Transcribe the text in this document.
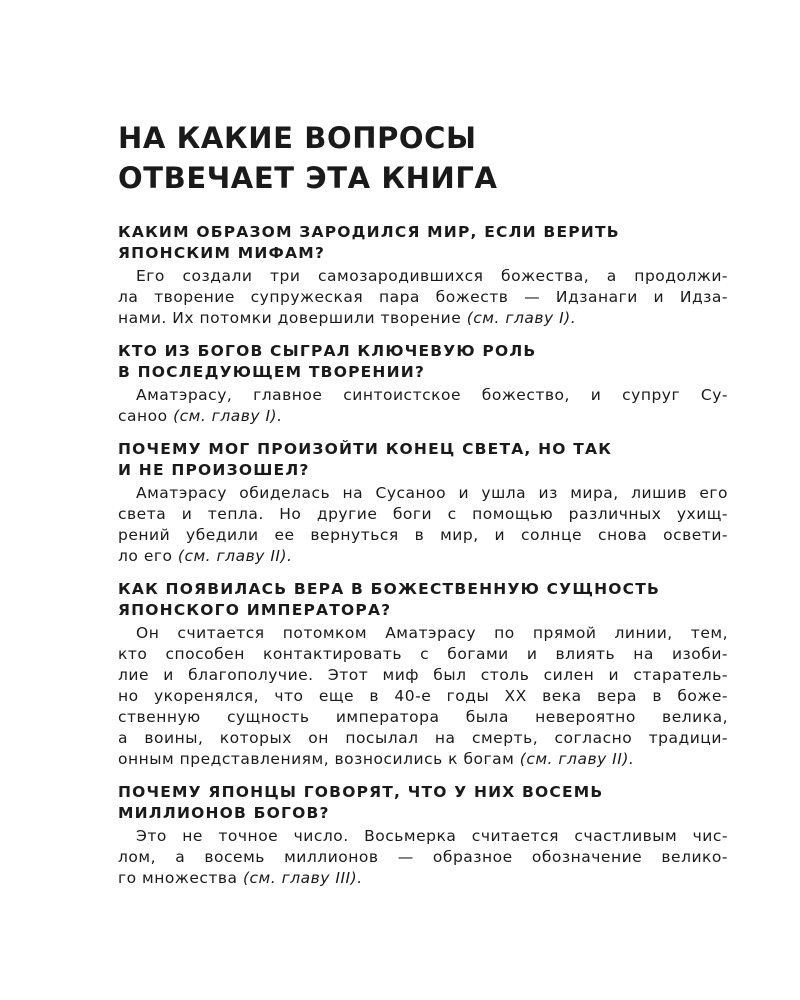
НА КАКИЕ ВОПРОСЫ
ОТВЕЧАЕТ ЭТА КНИГА
КАКИМ ОБРАЗОМ ЗАРОДИЛСЯ МИР, ЕСЛИ ВЕРИТЬ
ЯПОНСКИМ МИФАМ?
Его создали три самозародившихся божества, а продолжи-
ла творение супружеская пара божеств — Идзанаги и Идза-
нами. Их потомки довершили творение (см. главу I).
КТО ИЗ БОГОВ СЫГРАЛ КЛЮЧЕВУЮ РОЛЬ
В ПОСЛЕДУЮЩЕМ ТВОРЕНИИ?
Аматэрасу, главное синтоистское божество, и супруг Су-
саноо (см. главу I).
ПОЧЕМУ МОГ ПРОИЗОЙТИ КОНЕЦ СВЕТА, НО ТАК
И НЕ ПРОИЗОШЕЛ?
Аматэрасу обиделась на Сусаноо и ушла из мира, лишив его
света и тепла. Но другие боги с помощью различных ухищ-
рений убедили ее вернуться в мир, и солнце снова освети-
ло его (см. главу II).
КАК ПОЯВИЛАСЬ ВЕРА В БОЖЕСТВЕННУЮ СУЩНОСТЬ
ЯПОНСКОГО ИМПЕРАТОРА?
Он считается потомком Аматэрасу по прямой линии, тем,
кто способен контактировать с богами и влиять на изоби-
лие и благополучие. Этот миф был столь силен и старатель-
но укоренялся, что еще в 40-е годы XX века вера в боже-
ственную сущность императора была невероятно велика,
а воины, которых он посылал на смерть, согласно традици-
онным представлениям, возносились к богам (см. главу II).
ПОЧЕМУ ЯПОНЦЫ ГОВОРЯТ, ЧТО У НИХ ВОСЕМЬ
МИЛЛИОНОВ БОГОВ?
Это не точное число. Восьмерка считается счастливым чис-
лом, а восемь миллионов — образное обозначение велико-
го множества (см. главу III).
